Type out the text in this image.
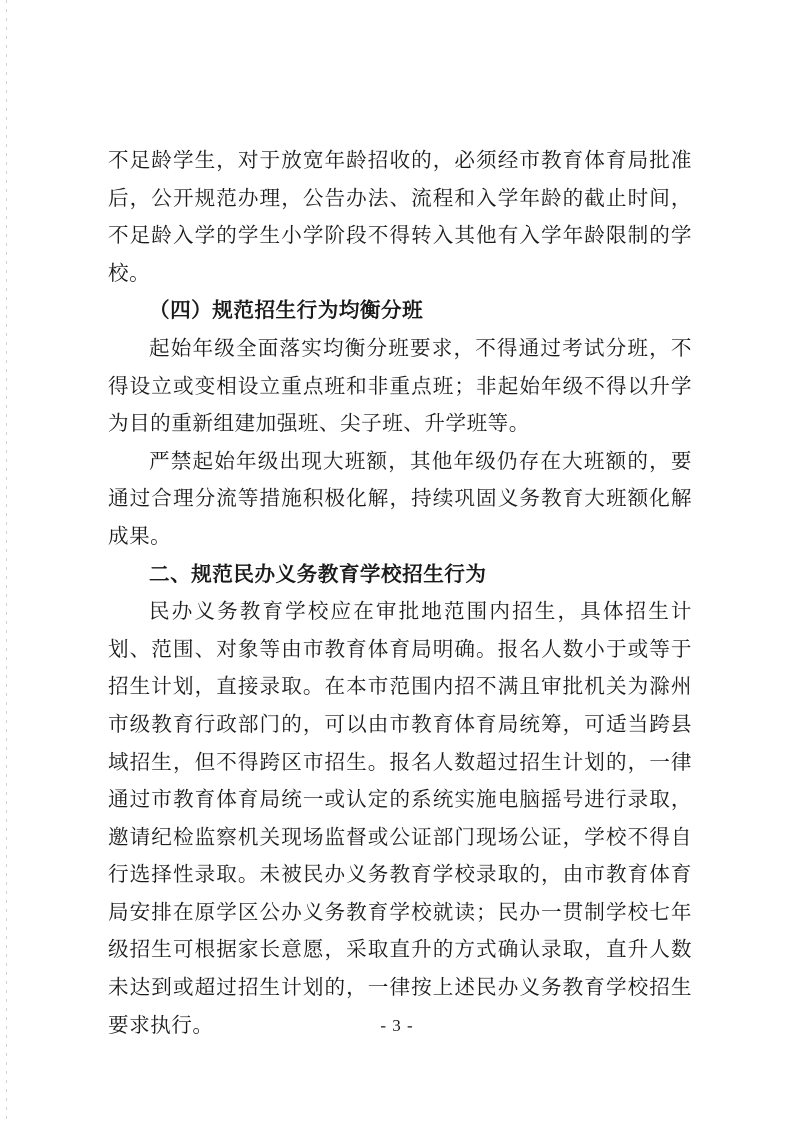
不足龄学生，对于放宽年龄招收的，必须经市教育体育局批准后，公开规范办理，公告办法、流程和入学年龄的截止时间，不足龄入学的学生小学阶段不得转入其他有入学年龄限制的学校。

（四）规范招生行为均衡分班

起始年级全面落实均衡分班要求，不得通过考试分班，不得设立或变相设立重点班和非重点班；非起始年级不得以升学为目的重新组建加强班、尖子班、升学班等。

严禁起始年级出现大班额，其他年级仍存在大班额的，要通过合理分流等措施积极化解，持续巩固义务教育大班额化解成果。

二、规范民办义务教育学校招生行为

民办义务教育学校应在审批地范围内招生，具体招生计划、范围、对象等由市教育体育局明确。报名人数小于或等于招生计划，直接录取。在本市范围内招不满且审批机关为滁州市级教育行政部门的，可以由市教育体育局统筹，可适当跨县域招生，但不得跨区市招生。报名人数超过招生计划的，一律通过市教育体育局统一或认定的系统实施电脑摇号进行录取，邀请纪检监察机关现场监督或公证部门现场公证，学校不得自行选择性录取。未被民办义务教育学校录取的，由市教育体育局安排在原学区公办义务教育学校就读；民办一贯制学校七年级招生可根据家长意愿，采取直升的方式确认录取，直升人数未达到或超过招生计划的，一律按上述民办义务教育学校招生要求执行。	- 3 -
